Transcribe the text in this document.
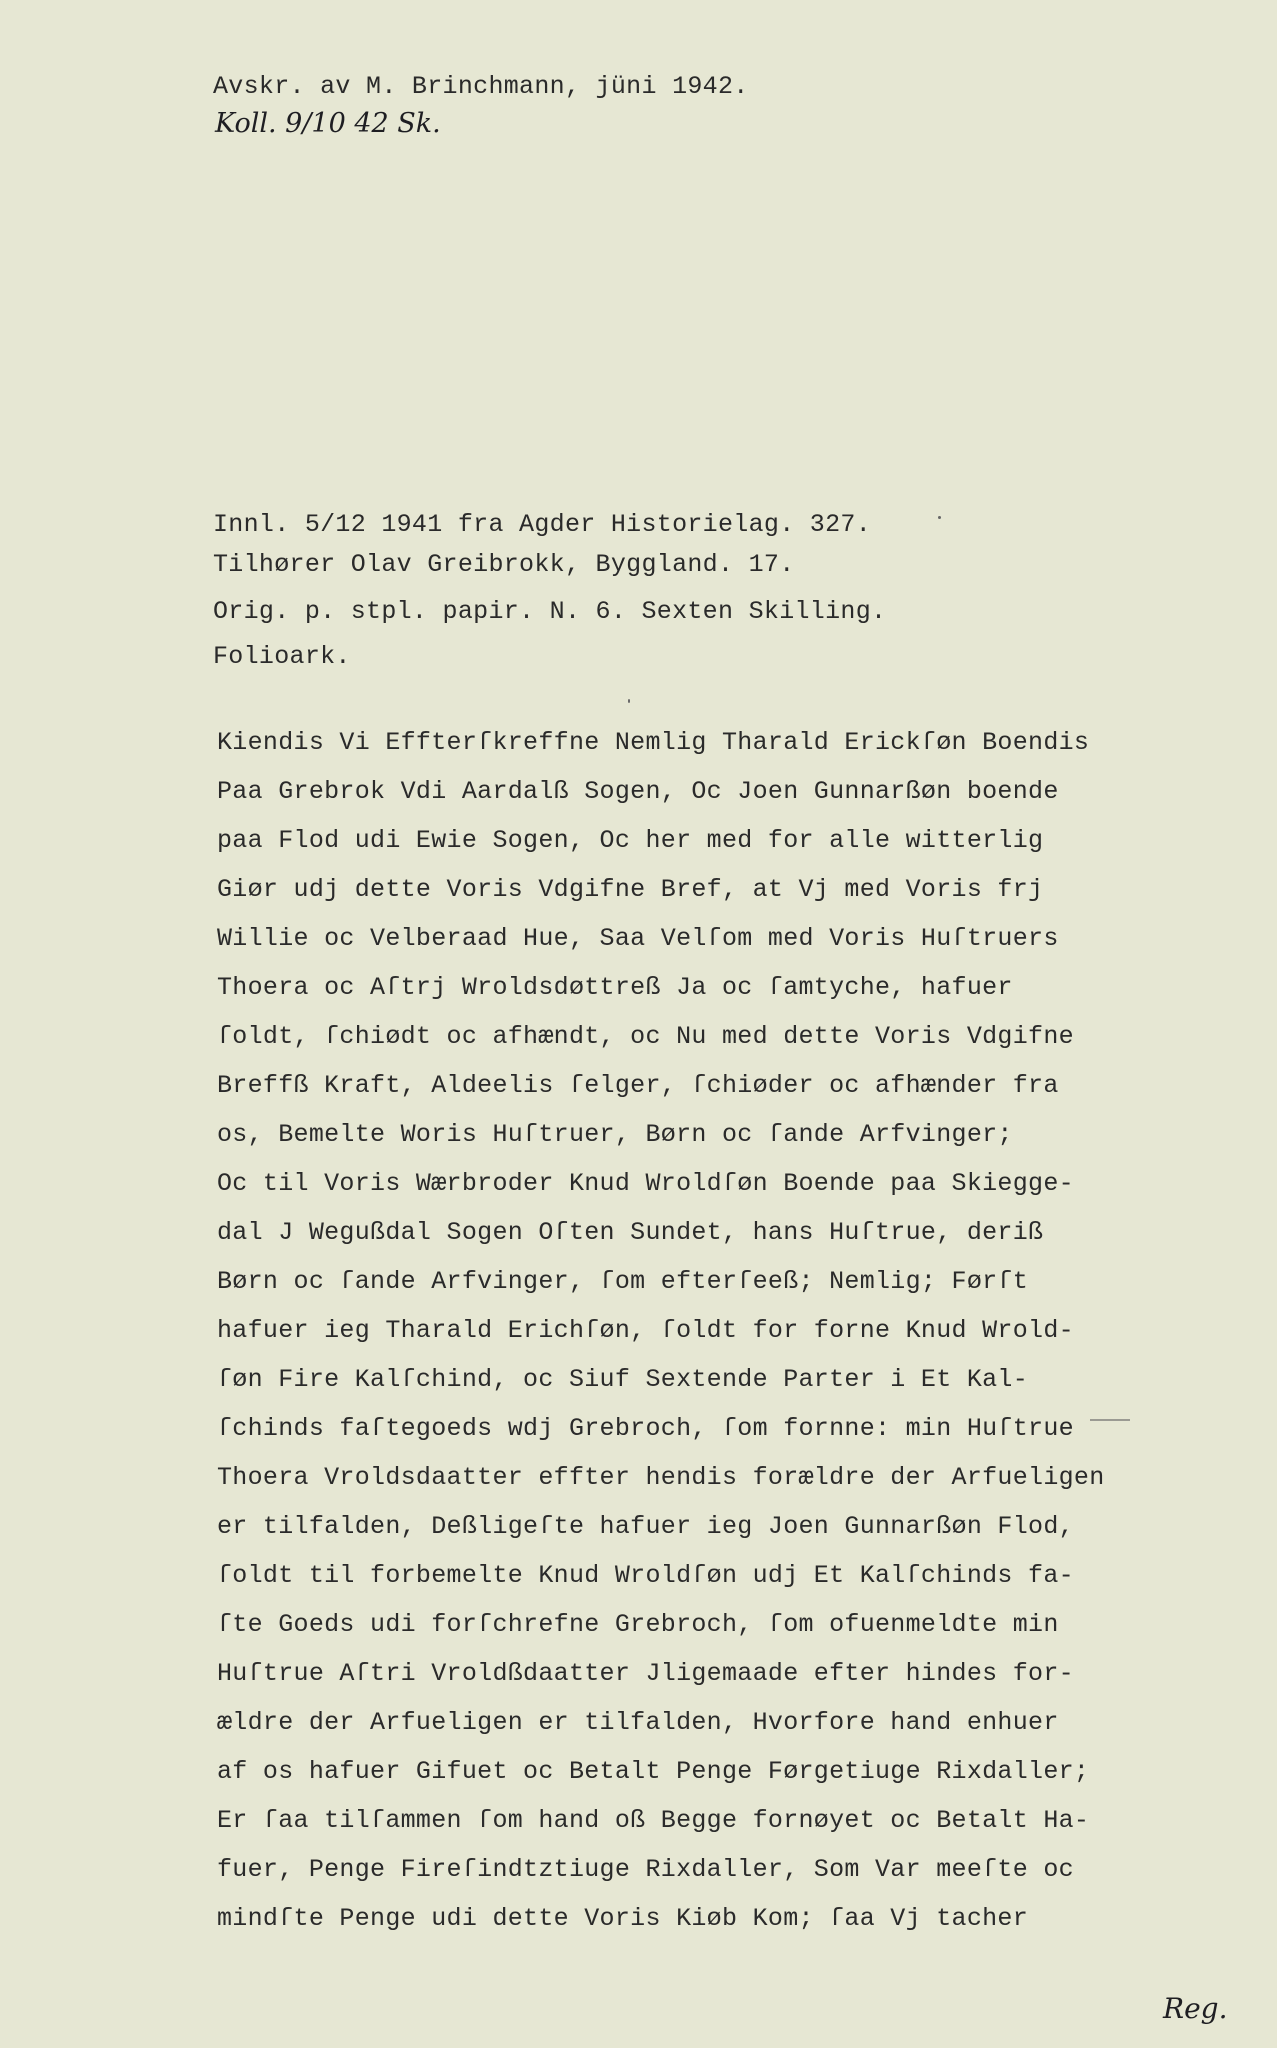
Avskr. av M. Brinchmann, jüni 1942.
Koll. 9/10 42 Sk.
Innl. 5/12 1941 fra Agder Historielag. 327.
Tilhører Olav Greibrokk, Byggland. 17.
Orig. p. stpl. papir. N. 6. Sexten Skilling.
Folioark.
Kiendis Vi Effterſkreffne Nemlig Tharald Erickſøn Boendis
Paa Grebrok Vdi Aardalß Sogen, Oc Joen Gunnarßøn boende
paa Flod udi Ewie Sogen, Oc her med for alle witterlig
Giør udj dette Voris Vdgifne Bref, at Vj med Voris frj
Willie oc Velberaad Hue, Saa Velſom med Voris Huſtruers
Thoera oc Aſtrj Wroldsdøttreß Ja oc ſamtyche, hafuer
ſoldt, ſchiødt oc afhændt, oc Nu med dette Voris Vdgifne
Breffß Kraft, Aldeelis ſelger, ſchiøder oc afhænder fra
os, Bemelte Woris Huſtruer, Børn oc ſande Arfvinger;
Oc til Voris Wærbroder Knud Wroldſøn Boende paa Skiegge-
dal J Wegußdal Sogen Oſten Sundet, hans Huſtrue, deriß
Børn oc ſande Arfvinger, ſom efterſeeß; Nemlig; Førſt
hafuer ieg Tharald Erichſøn, ſoldt for forne Knud Wrold-
ſøn Fire Kalſchind, oc Siuf Sextende Parter i Et Kal-
ſchinds faſtegoeds wdj Grebroch, ſom fornne: min Huſtrue
Thoera Vroldsdaatter effter hendis forældre der Arfueligen
er tilfalden, Deßligeſte hafuer ieg Joen Gunnarßøn Flod,
ſoldt til forbemelte Knud Wroldſøn udj Et Kalſchinds fa-
ſte Goeds udi forſchrefne Grebroch, ſom ofuenmeldte min
Huſtrue Aſtri Vroldßdaatter Jligemaade efter hindes for-
ældre der Arfueligen er tilfalden, Hvorfore hand enhuer
af os hafuer Gifuet oc Betalt Penge Førgetiuge Rixdaller;
Er ſaa tilſammen ſom hand oß Begge fornøyet oc Betalt Ha-
fuer, Penge Fireſindtztiuge Rixdaller, Som Var meeſte oc
mindſte Penge udi dette Voris Kiøb Kom; ſaa Vj tacher
Reg.
